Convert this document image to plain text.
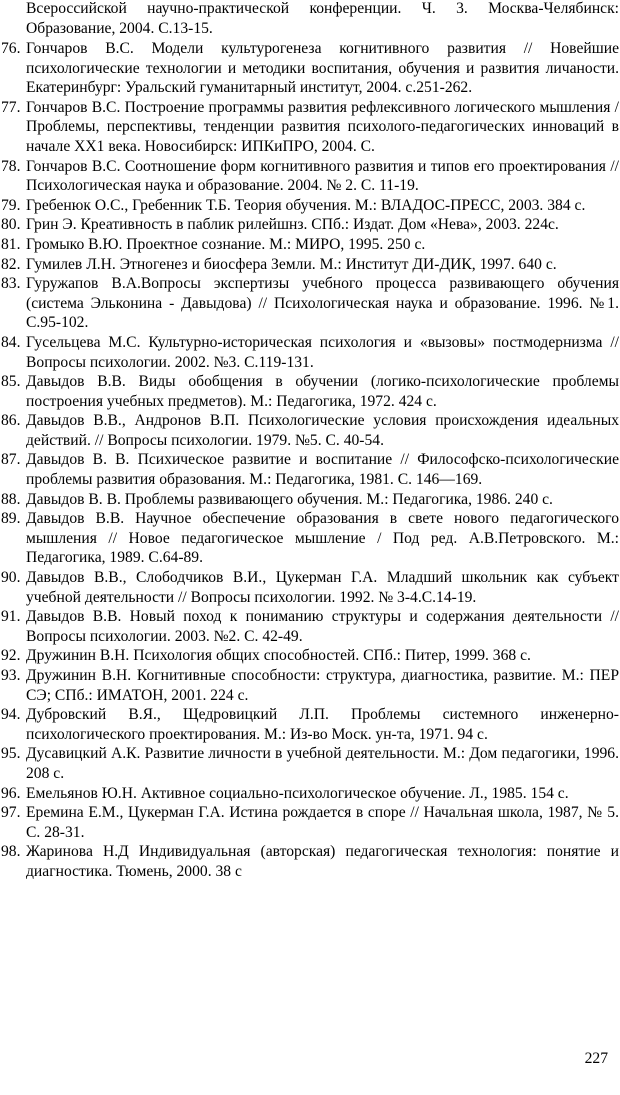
Всероссийской научно-практической конференции. Ч. 3. Москва-Челябинск: Образование, 2004. С.13-15.
76. Гончаров В.С. Модели культурогенеза когнитивного развития // Новейшие психологические технологии и методики воспитания, обучения и развития личаности. Екатеринбург: Уральский гуманитарный институт, 2004. с.251-262.
77. Гончаров В.С. Построение программы развития рефлексивного логического мышления / Проблемы, перспективы, тенденции развития психолого-педагогических инноваций в начале ХХ1 века. Новосибирск: ИПКиПРО, 2004. С.
78. Гончаров В.С. Соотношение форм когнитивного развития и типов его проектирования // Психологическая наука и образование. 2004. № 2. С. 11-19.
79. Гребенюк О.С., Гребенник Т.Б. Теория обучения. М.: ВЛАДОС-ПРЕСС, 2003. 384 с.
80. Грин Э. Креативность в паблик рилейшнз. СПб.: Издат. Дом «Нева», 2003. 224с.
81. Громыко В.Ю. Проектное сознание. М.: МИРО, 1995. 250 с.
82. Гумилев Л.Н. Этногенез и биосфера Земли. М.: Институт ДИ-ДИК, 1997. 640 с.
83. Гуружапов В.А.Вопросы экспертизы учебного процесса развивающего обучения (система Эльконина - Давыдова) // Психологическая наука и образование. 1996. №1. С.95-102.
84. Гусельцева М.С. Культурно-историческая психология и «вызовы» постмодернизма // Вопросы психологии. 2002. №3. С.119-131.
85. Давыдов В.В. Виды обобщения в обучении (логико-психологические проблемы построения учебных предметов). М.: Педагогика, 1972. 424 с.
86. Давыдов В.В., Андронов В.П. Психологические условия происхождения идеальных действий. // Вопросы психологии. 1979. №5. С. 40-54.
87. Давыдов В. В. Психическое развитие и воспитание // Философско-психологические проблемы развития образования. М.: Педагогика, 1981. С. 146—169.
88. Давыдов В. В. Проблемы развивающего обучения. М.: Педагогика, 1986. 240 с.
89. Давыдов В.В. Научное обеспечение образования в свете нового педагогического мышления // Новое педагогическое мышление / Под ред. А.В.Петровского. М.: Педагогика, 1989. С.64-89.
90. Давыдов В.В., Слободчиков В.И., Цукерман Г.А. Младший школьник как субъект учебной деятельности // Вопросы психологии. 1992. № 3-4.С.14-19.
91. Давыдов В.В. Новый поход к пониманию структуры и содержания деятельности // Вопросы психологии. 2003. №2. С. 42-49.
92. Дружинин В.Н. Психология общих способностей. СПб.: Питер, 1999. 368 с.
93. Дружинин В.Н. Когнитивные способности: структура, диагностика, развитие. М.: ПЕР СЭ; СПб.: ИМАТОН, 2001. 224 с.
94. Дубровский В.Я., Щедровицкий Л.П. Проблемы системного инженерно-психологического проектирования. М.: Из-во Моск. ун-та, 1971. 94 с.
95. Дусавицкий А.К. Развитие личности в учебной деятельности. М.: Дом педагогики, 1996. 208 с.
96. Емельянов Ю.Н. Активное социально-психологическое обучение. Л., 1985. 154 с.
97. Еремина Е.М., Цукерман Г.А. Истина рождается в споре // Начальная школа, 1987, № 5. С. 28-31.
98. Жаринова Н.Д Индивидуальная (авторская) педагогическая технология: понятие и диагностика. Тюмень, 2000. 38 с
227
